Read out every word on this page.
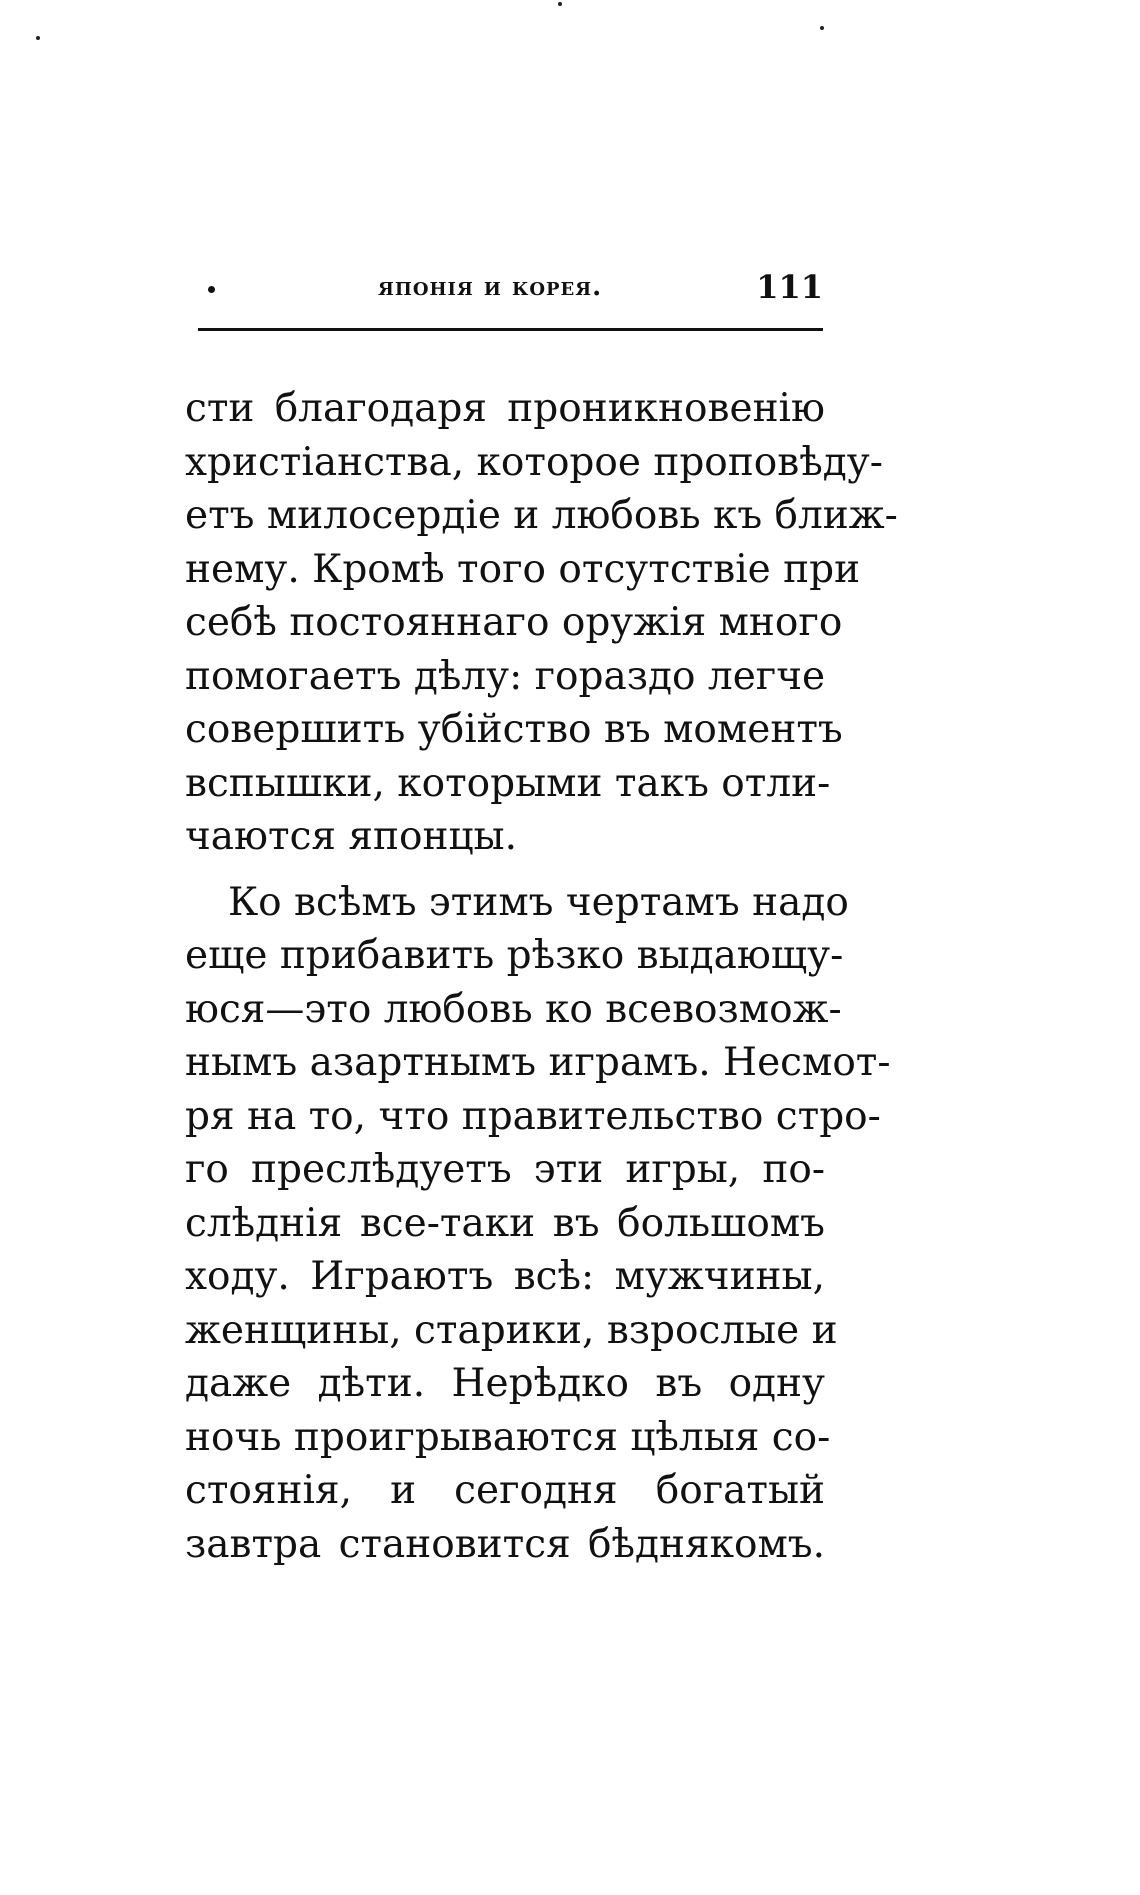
японія и корея.	111
сти благодаря проникновенію
христіанства, которое проповѣду-
етъ милосердіе и любовь къ ближ-
нему. Кромѣ того отсутствіе при
себѣ постояннаго оружія много
помогаетъ дѣлу: гораздо легче
совершить убійство въ моментъ
вспышки, которыми такъ отли-
чаются японцы.
Ко всѣмъ этимъ чертамъ надо
еще прибавить рѣзко выдающу-
юся—это любовь ко всевозмож-
нымъ азартнымъ играмъ. Несмот-
ря на то, что правительство стро-
го преслѣдуетъ эти игры, по-
слѣднія все-таки въ большомъ
ходу. Играютъ всѣ: мужчины,
женщины, старики, взрослые и
даже дѣти. Нерѣдко въ одну
ночь проигрываются цѣлыя со-
стоянія, и сегодня богатый
завтра становится бѣднякомъ.
